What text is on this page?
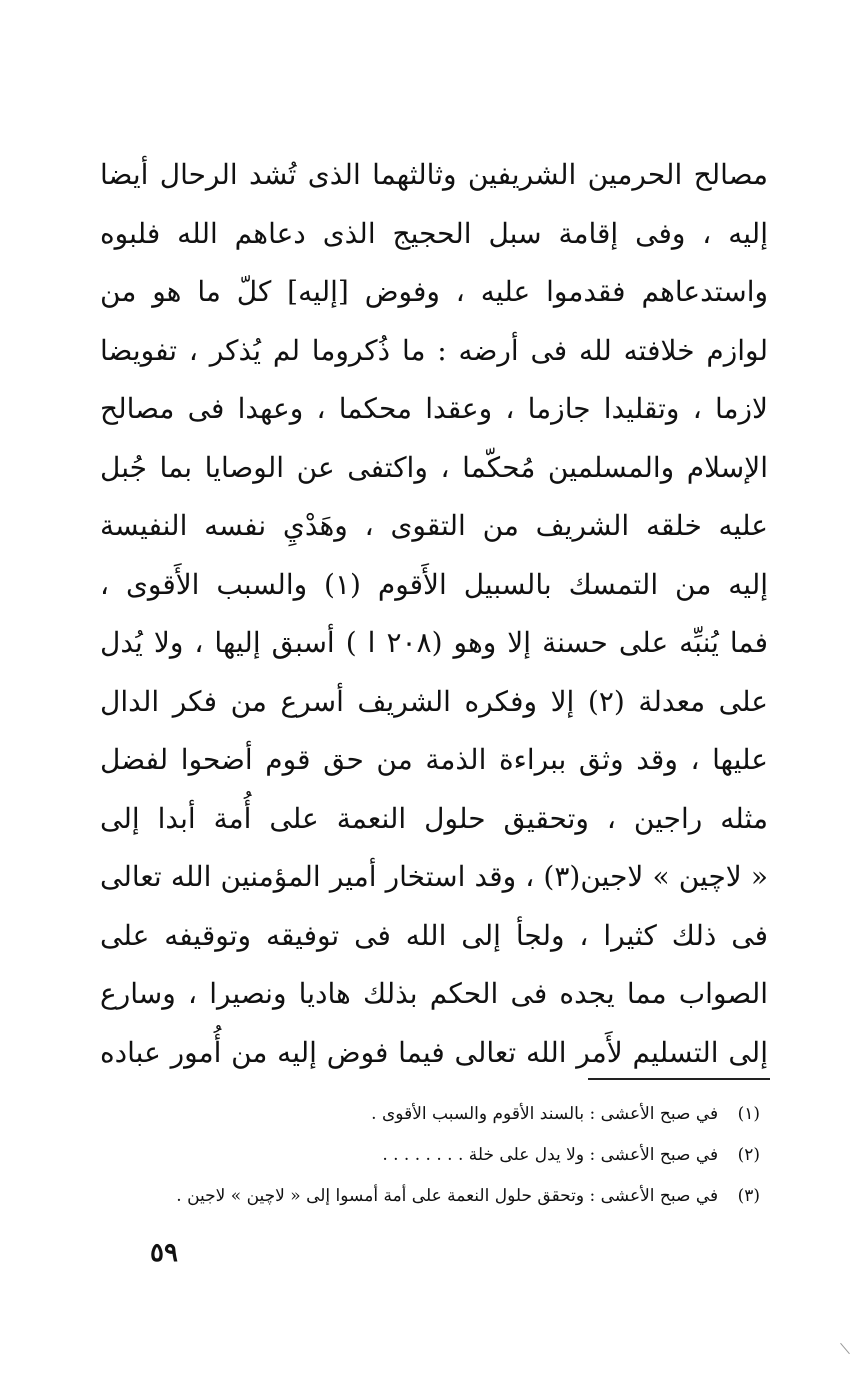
مصالح الحرمين الشريفين وثالثهما الذى تُشد الرحال أيضا
إليه ، وفى إقامة سبل الحجيج الذى دعاهم الله فلبوه
واستدعاهم فقدموا عليه ، وفوض [إليه] كلّ ما هو من
لوازم خلافته لله فى أرضه : ما ذُكروما لم يُذكر ، تفويضا
لازما ، وتقليدا جازما ، وعقدا محكما ، وعهدا فى مصالح
الإسلام والمسلمين مُحكّما ، واكتفى عن الوصايا بما جُبل
عليه خلقه الشريف من التقوى ، وهَدْيِ نفسه النفيسة
إليه من التمسك بالسبيل الأَقوم (١) والسبب الأَقوى ،
فما يُنبِّه على حسنة إلا وهو (٢٠٨ ا ) أسبق إليها ، ولا يُدل
على معدلة (٢) إلا وفكره الشريف أسرع من فكر الدال
عليها ، وقد وثق ببراءة الذمة من حق قوم أضحوا لفضل
مثله راجين ، وتحقيق حلول النعمة على أُمة أبدا إلى
« لاچين » لاجين(٣) ، وقد استخار أمير المؤمنين الله تعالى
فى ذلك كثيرا ، ولجأ إلى الله فى توفيقه وتوقيفه على
الصواب مما يجده فى الحكم بذلك هاديا ونصيرا ، وسارع
إلى التسليم لأَمر الله تعالى فيما فوض إليه من أُمور عباده
(١) في صبح الأعشى : بالسند الأقوم والسبب الأقوى .
(٢) في صبح الأعشى : ولا يدل على خلة . . . . . . . .
(٣) في صبح الأعشى : وتحقق حلول النعمة على أمة أمسوا إلى « لاچين » لاجين .
٥٩
